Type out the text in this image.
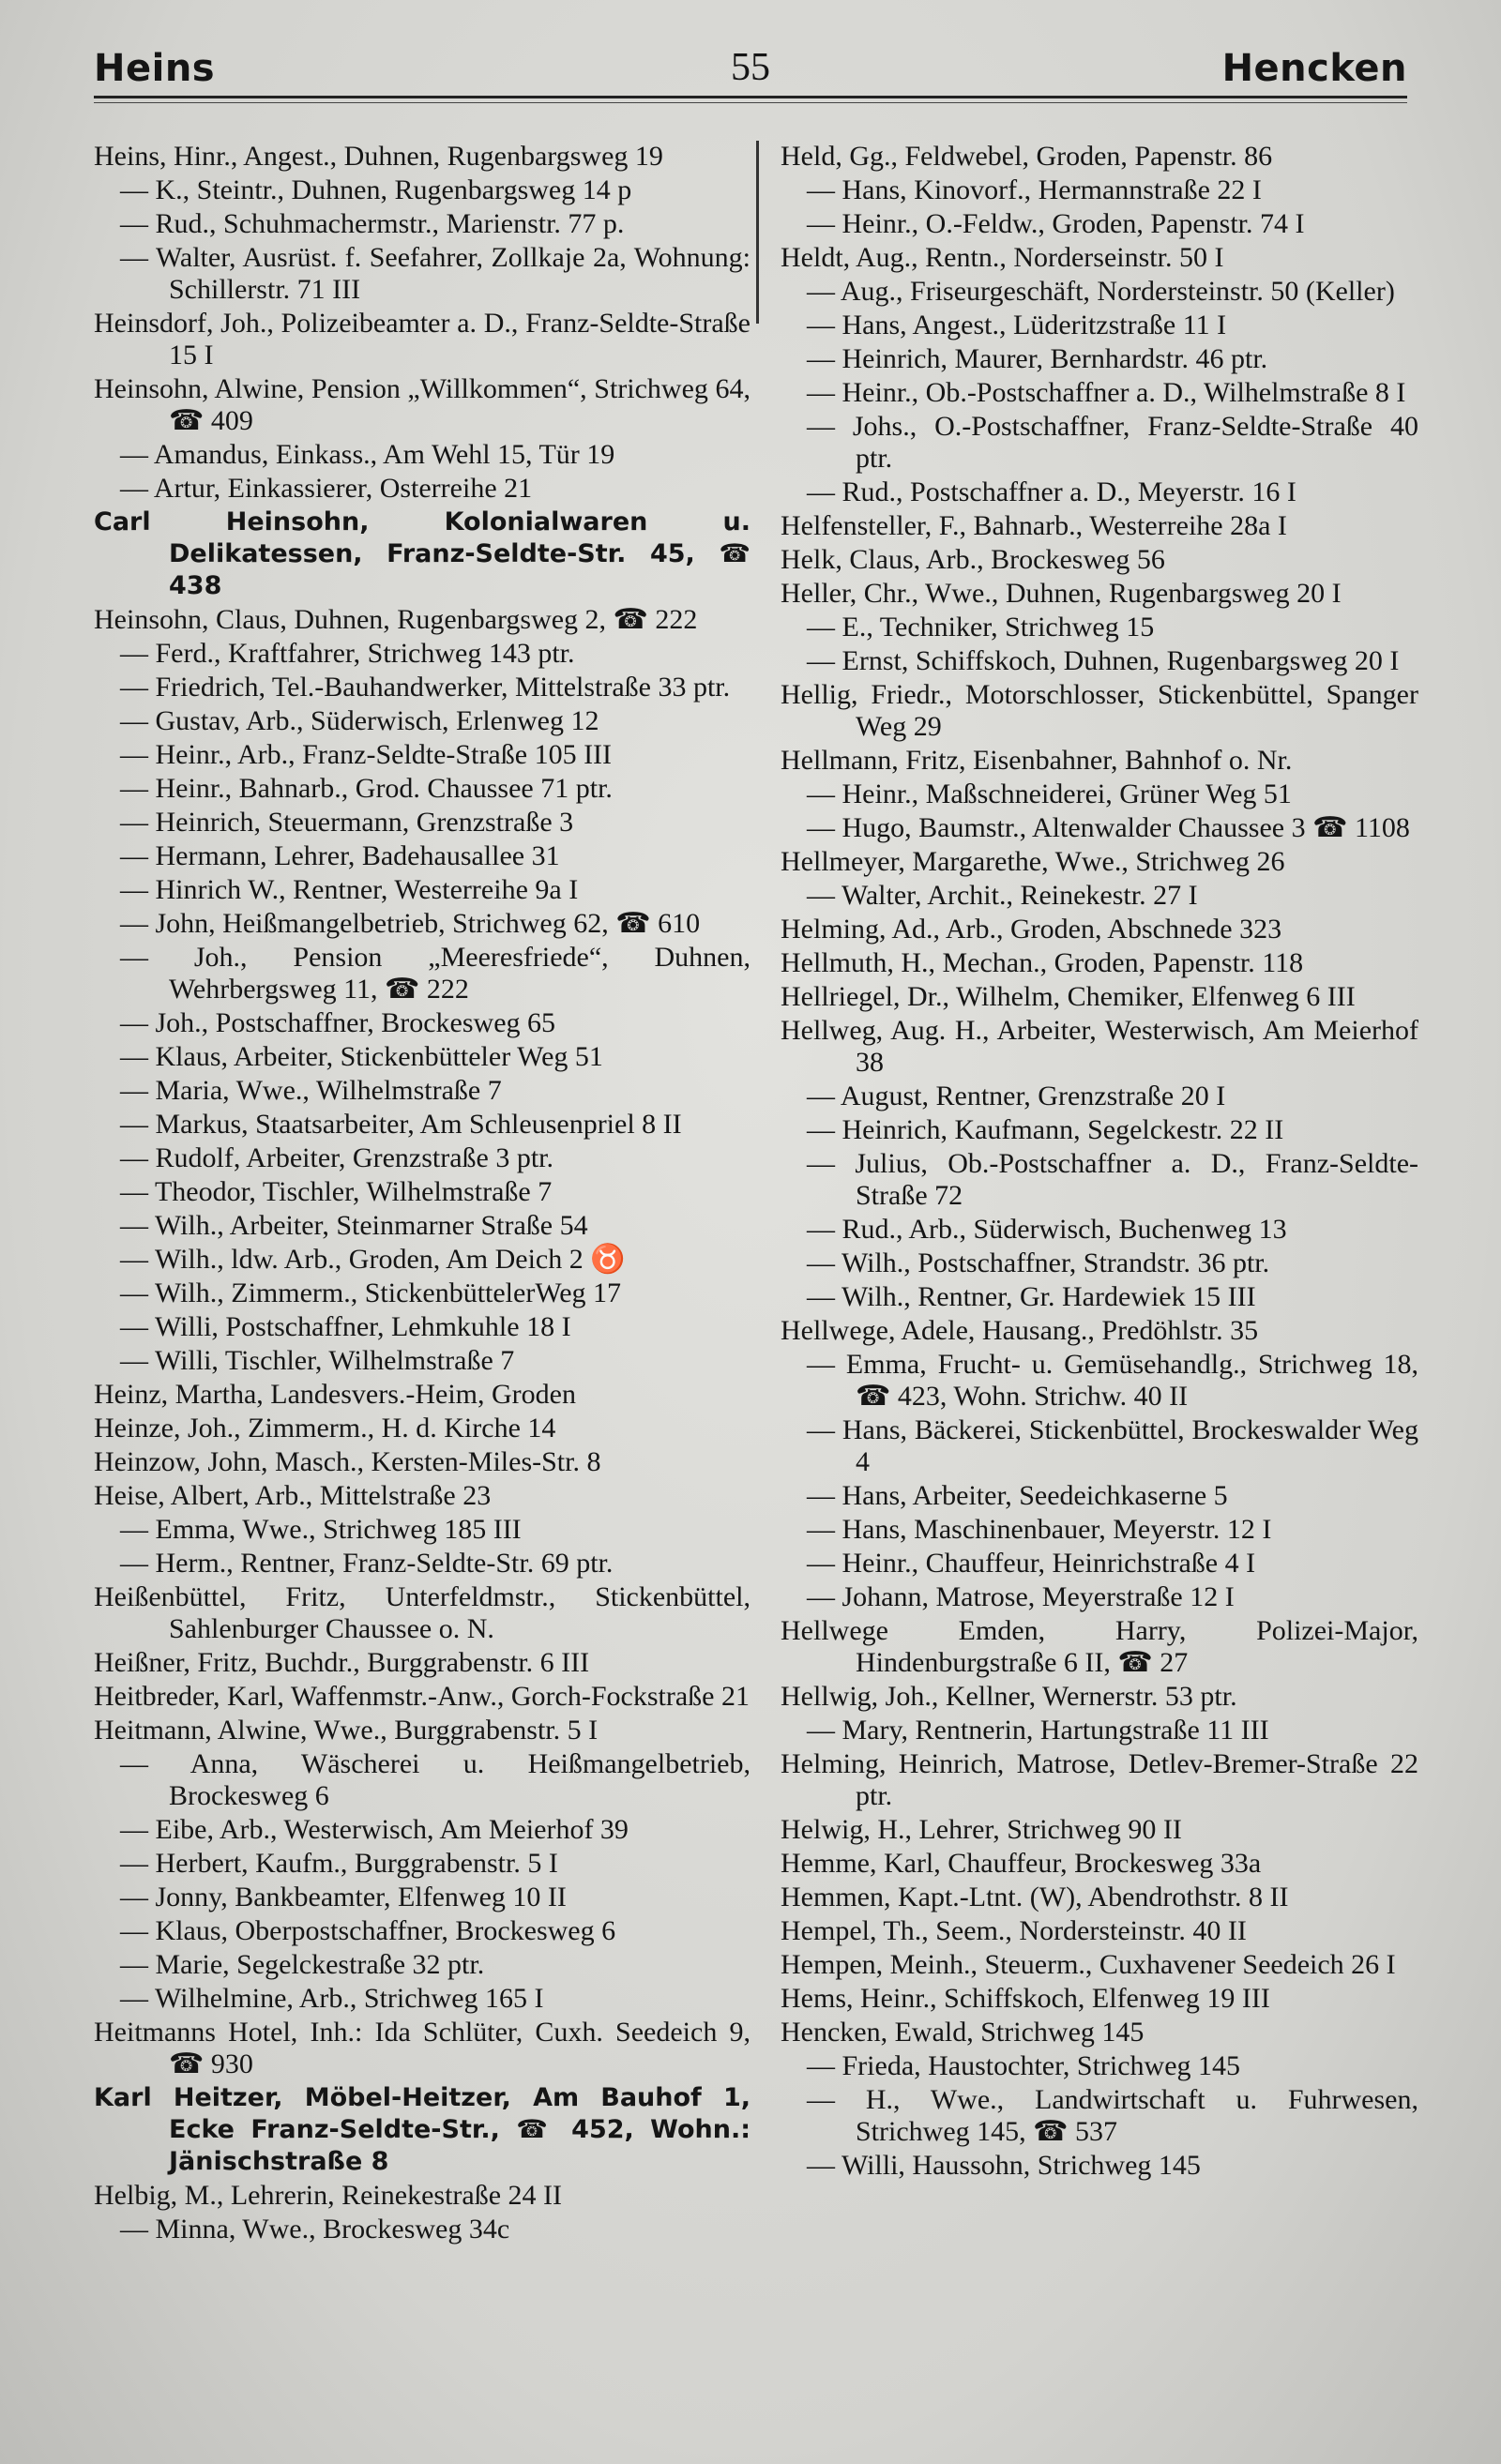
Heins	55	Hencken

Heins, Hinr., Angest., Duhnen, Rugenbargsweg 19

— K., Steintr., Duhnen, Rugenbargsweg 14 p

— Rud., Schuhmachermstr., Marienstr. 77 p.

— Walter, Ausrüst. f. Seefahrer, Zollkaje 2a, Wohnung: Schillerstr. 71 III

Heinsdorf, Joh., Polizeibeamter a. D., Franz-Seldte-Straße 15 I

Heinsohn, Alwine, Pension „Willkommen“, Strichweg 64, ☎ 409

— Amandus, Einkass., Am Wehl 15, Tür 19

— Artur, Einkassierer, Osterreihe 21

Carl Heinsohn, Kolonialwaren u. Delikatessen, Franz-Seldte-Str. 45, ☎ 438

Heinsohn, Claus, Duhnen, Rugenbargsweg 2, ☎ 222

— Ferd., Kraftfahrer, Strichweg 143 ptr.

— Friedrich, Tel.-Bauhandwerker, Mittelstraße 33 ptr.

— Gustav, Arb., Süderwisch, Erlenweg 12

— Heinr., Arb., Franz-Seldte-Straße 105 III

— Heinr., Bahnarb., Grod. Chaussee 71 ptr.

— Heinrich, Steuermann, Grenzstraße 3

— Hermann, Lehrer, Badehausallee 31

— Hinrich W., Rentner, Westerreihe 9a I

— John, Heißmangelbetrieb, Strichweg 62, ☎ 610

— Joh., Pension „Meeresfriede“, Duhnen, Wehrbergsweg 11, ☎ 222

— Joh., Postschaffner, Brockesweg 65

— Klaus, Arbeiter, Stickenbütteler Weg 51

— Maria, Wwe., Wilhelmstraße 7

— Markus, Staatsarbeiter, Am Schleusenpriel 8 II

— Rudolf, Arbeiter, Grenzstraße 3 ptr.

— Theodor, Tischler, Wilhelmstraße 7

— Wilh., Arbeiter, Steinmarner Straße 54

— Wilh., ldw. Arb., Groden, Am Deich 2 ♉

— Wilh., Zimmerm., StickenbüttelerWeg 17

— Willi, Postschaffner, Lehmkuhle 18 I

— Willi, Tischler, Wilhelmstraße 7

Heinz, Martha, Landesvers.-Heim, Groden

Heinze, Joh., Zimmerm., H. d. Kirche 14

Heinzow, John, Masch., Kersten-Miles-Str. 8

Heise, Albert, Arb., Mittelstraße 23

— Emma, Wwe., Strichweg 185 III

— Herm., Rentner, Franz-Seldte-Str. 69 ptr.

Heißenbüttel, Fritz, Unterfeldmstr., Stickenbüttel, Sahlenburger Chaussee o. N.

Heißner, Fritz, Buchdr., Burggrabenstr. 6 III

Heitbreder, Karl, Waffenmstr.-Anw., Gorch-Fockstraße 21

Heitmann, Alwine, Wwe., Burggrabenstr. 5 I

— Anna, Wäscherei u. Heißmangelbetrieb, Brockesweg 6

— Eibe, Arb., Westerwisch, Am Meierhof 39

— Herbert, Kaufm., Burggrabenstr. 5 I

— Jonny, Bankbeamter, Elfenweg 10 II

— Klaus, Oberpostschaffner, Brockesweg 6

— Marie, Segelckestraße 32 ptr.

— Wilhelmine, Arb., Strichweg 165 I

Heitmanns Hotel, Inh.: Ida Schlüter, Cuxh. Seedeich 9, ☎ 930

Karl Heitzer, Möbel-Heitzer, Am Bauhof 1, Ecke Franz-Seldte-Str., ☎ 452, Wohn.: Jänischstraße 8

Helbig, M., Lehrerin, Reinekestraße 24 II

— Minna, Wwe., Brockesweg 34c

Held, Gg., Feldwebel, Groden, Papenstr. 86

— Hans, Kinovorf., Hermannstraße 22 I

— Heinr., O.-Feldw., Groden, Papenstr. 74 I

Heldt, Aug., Rentn., Norderseinstr. 50 I

— Aug., Friseurgeschäft, Nordersteinstr. 50 (Keller)

— Hans, Angest., Lüderitzstraße 11 I

— Heinrich, Maurer, Bernhardstr. 46 ptr.

— Heinr., Ob.-Postschaffner a. D., Wilhelmstraße 8 I

— Johs., O.-Postschaffner, Franz-Seldte-Straße 40 ptr.

— Rud., Postschaffner a. D., Meyerstr. 16 I

Helfensteller, F., Bahnarb., Westerreihe 28a I

Helk, Claus, Arb., Brockesweg 56

Heller, Chr., Wwe., Duhnen, Rugenbargsweg 20 I

— E., Techniker, Strichweg 15

— Ernst, Schiffskoch, Duhnen, Rugenbargsweg 20 I

Hellig, Friedr., Motorschlosser, Stickenbüttel, Spanger Weg 29

Hellmann, Fritz, Eisenbahner, Bahnhof o. Nr.

— Heinr., Maßschneiderei, Grüner Weg 51

— Hugo, Baumstr., Altenwalder Chaussee 3 ☎ 1108

Hellmeyer, Margarethe, Wwe., Strichweg 26

— Walter, Archit., Reinekestr. 27 I

Helming, Ad., Arb., Groden, Abschnede 323

Hellmuth, H., Mechan., Groden, Papenstr. 118

Hellriegel, Dr., Wilhelm, Chemiker, Elfenweg 6 III

Hellweg, Aug. H., Arbeiter, Westerwisch, Am Meierhof 38

— August, Rentner, Grenzstraße 20 I

— Heinrich, Kaufmann, Segelckestr. 22 II

— Julius, Ob.-Postschaffner a. D., Franz-Seldte-Straße 72

— Rud., Arb., Süderwisch, Buchenweg 13

— Wilh., Postschaffner, Strandstr. 36 ptr.

— Wilh., Rentner, Gr. Hardewiek 15 III

Hellwege, Adele, Hausang., Predöhlstr. 35

— Emma, Frucht- u. Gemüsehandlg., Strichweg 18, ☎ 423, Wohn. Strichw. 40 II

— Hans, Bäckerei, Stickenbüttel, Brockeswalder Weg 4

— Hans, Arbeiter, Seedeichkaserne 5

— Hans, Maschinenbauer, Meyerstr. 12 I

— Heinr., Chauffeur, Heinrichstraße 4 I

— Johann, Matrose, Meyerstraße 12 I

Hellwege Emden, Harry, Polizei-Major, Hindenburgstraße 6 II, ☎ 27

Hellwig, Joh., Kellner, Wernerstr. 53 ptr.

— Mary, Rentnerin, Hartungstraße 11 III

Helming, Heinrich, Matrose, Detlev-Bremer-Straße 22 ptr.

Helwig, H., Lehrer, Strichweg 90 II

Hemme, Karl, Chauffeur, Brockesweg 33a

Hemmen, Kapt.-Ltnt. (W), Abendrothstr. 8 II

Hempel, Th., Seem., Nordersteinstr. 40 II

Hempen, Meinh., Steuerm., Cuxhavener Seedeich 26 I

Hems, Heinr., Schiffskoch, Elfenweg 19 III

Hencken, Ewald, Strichweg 145

— Frieda, Haustochter, Strichweg 145

— H., Wwe., Landwirtschaft u. Fuhrwesen, Strichweg 145, ☎ 537

— Willi, Haussohn, Strichweg 145
